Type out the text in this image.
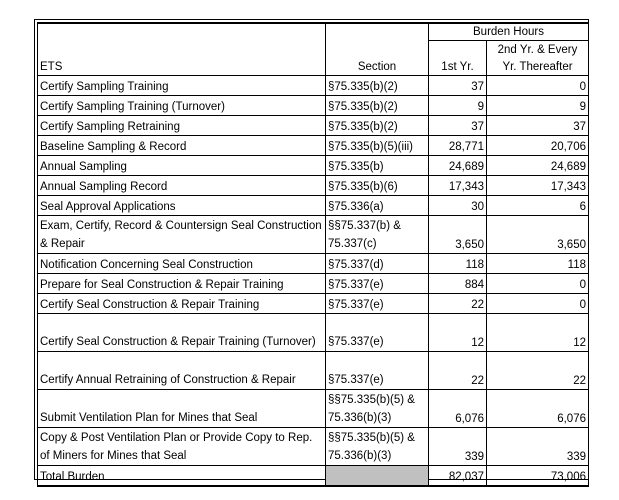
ETS	Section	Burden Hours	
		1st Yr.	2nd Yr. & Every
			Yr. Thereafter
Certify Sampling Training	§75.335(b)(2)	37	0
Certify Sampling Training (Turnover)	§75.335(b)(2)	9	9
Certify Sampling Retraining	§75.335(b)(2)	37	37
Baseline Sampling & Record	§75.335(b)(5)(iii)	28,771	20,706
Annual Sampling	§75.335(b)	24,689	24,689
Annual Sampling Record	§75.335(b)(6)	17,343	17,343
Seal Approval Applications	§75.336(a)	30	6
Exam, Certify, Record & Countersign Seal Construction & Repair	§§75.337(b) & 75.337(c)	3,650	3,650
Notification Concerning Seal Construction	§75.337(d)	118	118
Prepare for Seal Construction & Repair Training	§75.337(e)	884	0
Certify Seal Construction & Repair Training	§75.337(e)	22	0
Certify Seal Construction & Repair Training (Turnover)	§75.337(e)	12	12
Certify Annual Retraining of Construction & Repair	§75.337(e)	22	22
Submit Ventilation Plan for Mines that Seal	§§75.335(b)(5) & 75.336(b)(3)	6,076	6,076
Copy & Post Ventilation Plan or Provide Copy to Rep. of Miners for Mines that Seal	§§75.335(b)(5) & 75.336(b)(3)	339	339
Total Burden		82,037	73,006
